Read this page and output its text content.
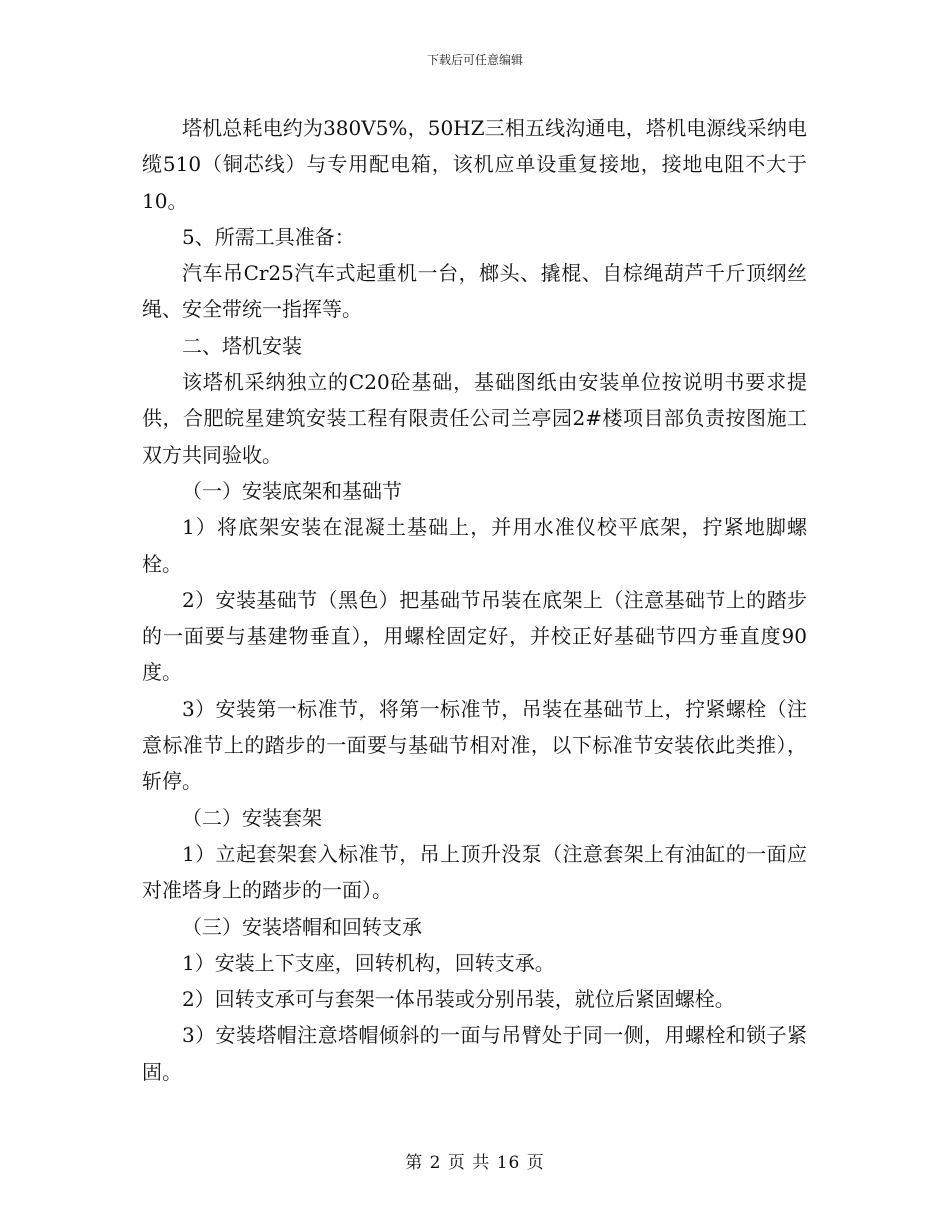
下载后可任意编辑

塔机总耗电约为380V5%，50HZ三相五线沟通电，塔机电源线采纳电缆510（铜芯线）与专用配电箱，该机应单设重复接地，接地电阻不大于10。

5、所需工具准备：

汽车吊Cr25汽车式起重机一台，榔头、撬棍、自棕绳葫芦千斤顶纲丝绳、安全带统一指挥等。

二、塔机安装

该塔机采纳独立的C20砼基础，基础图纸由安装单位按说明书要求提供，合肥皖星建筑安装工程有限责任公司兰亭园2#楼项目部负责按图施工双方共同验收。

（一）安装底架和基础节

1）将底架安装在混凝土基础上，并用水准仪校平底架，拧紧地脚螺栓。

2）安装基础节（黑色）把基础节吊装在底架上（注意基础节上的踏步的一面要与基建物垂直），用螺栓固定好，并校正好基础节四方垂直度90度。

3）安装第一标准节，将第一标准节，吊装在基础节上，拧紧螺栓（注意标准节上的踏步的一面要与基础节相对准，以下标准节安装依此类推），斩停。

（二）安装套架

1）立起套架套入标准节，吊上顶升没泵（注意套架上有油缸的一面应对准塔身上的踏步的一面）。

（三）安装塔帽和回转支承

1）安装上下支座，回转机构，回转支承。

2）回转支承可与套架一体吊装或分别吊装，就位后紧固螺栓。

3）安装塔帽注意塔帽倾斜的一面与吊臂处于同一侧，用螺栓和锁子紧固。

第 2 页 共 16 页
